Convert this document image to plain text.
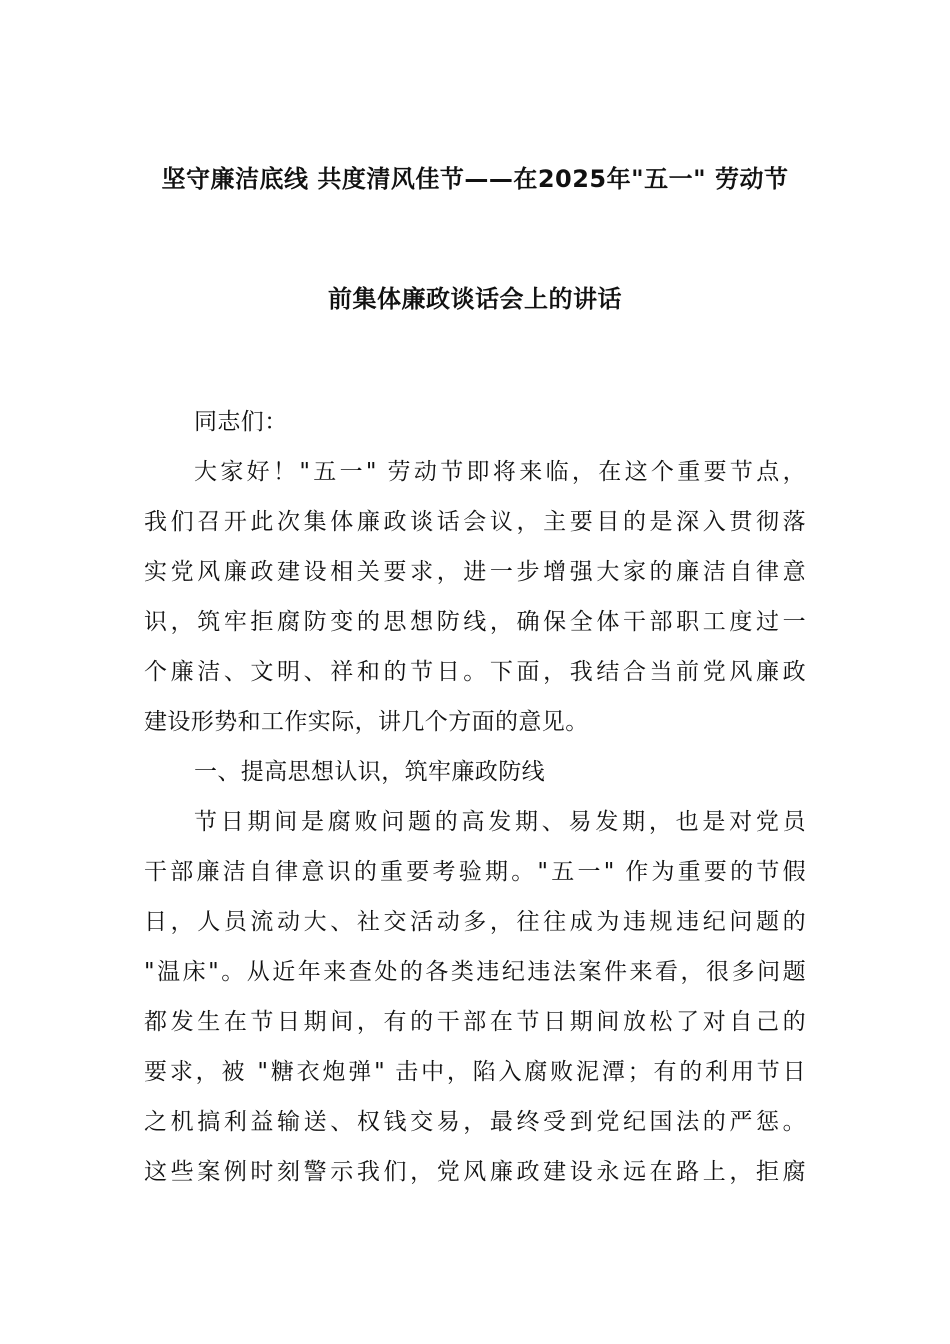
坚守廉洁底线 共度清风佳节——在2025年"五一" 劳动节
前集体廉政谈话会上的讲话
同志们：
大家好！"五一" 劳动节即将来临，在这个重要节点，
我们召开此次集体廉政谈话会议，主要目的是深入贯彻落
实党风廉政建设相关要求，进一步增强大家的廉洁自律意
识，筑牢拒腐防变的思想防线，确保全体干部职工度过一
个廉洁、文明、祥和的节日。下面，我结合当前党风廉政
建设形势和工作实际，讲几个方面的意见。
一、提高思想认识，筑牢廉政防线
节日期间是腐败问题的高发期、易发期，也是对党员
干部廉洁自律意识的重要考验期。"五一" 作为重要的节假
日，人员流动大、社交活动多，往往成为违规违纪问题的
"温床"。从近年来查处的各类违纪违法案件来看，很多问题
都发生在节日期间，有的干部在节日期间放松了对自己的
要求，被 "糖衣炮弹" 击中，陷入腐败泥潭；有的利用节日
之机搞利益输送、权钱交易，最终受到党纪国法的严惩。
这些案例时刻警示我们，党风廉政建设永远在路上，拒腐
